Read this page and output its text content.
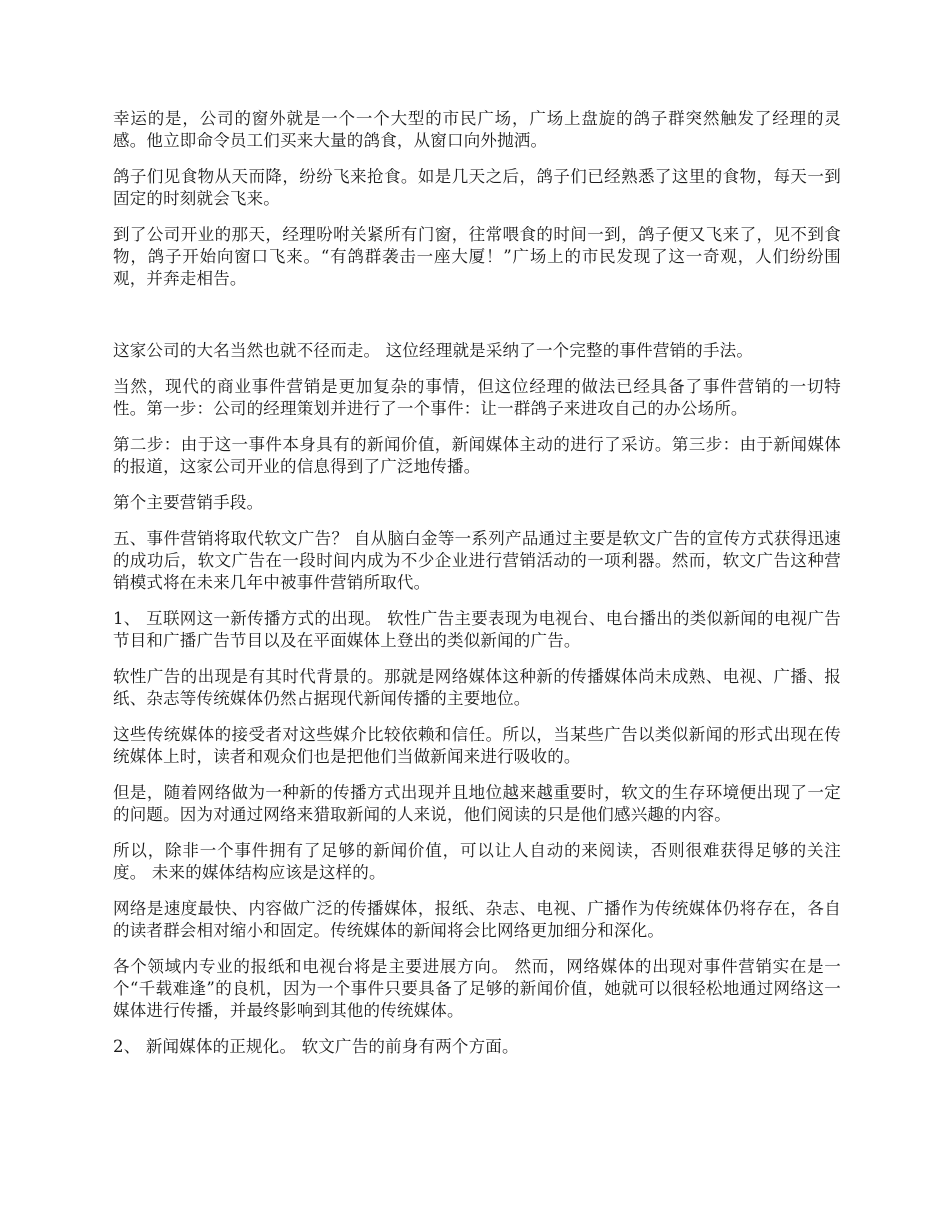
幸运的是，公司的窗外就是一个一个大型的市民广场，广场上盘旋的鸽子群突然触发了经理的灵感。他立即命令员工们买来大量的鸽食，从窗口向外抛洒。

鸽子们见食物从天而降，纷纷飞来抢食。如是几天之后，鸽子们已经熟悉了这里的食物，每天一到固定的时刻就会飞来。

到了公司开业的那天，经理吩咐关紧所有门窗，往常喂食的时间一到，鸽子便又飞来了，见不到食物，鸽子开始向窗口飞来。“有鸽群袭击一座大厦！”广场上的市民发现了这一奇观，人们纷纷围观，并奔走相告。

这家公司的大名当然也就不径而走。 这位经理就是采纳了一个完整的事件营销的手法。

当然，现代的商业事件营销是更加复杂的事情，但这位经理的做法已经具备了事件营销的一切特性。第一步：公司的经理策划并进行了一个事件：让一群鸽子来进攻自己的办公场所。

第二步：由于这一事件本身具有的新闻价值，新闻媒体主动的进行了采访。第三步：由于新闻媒体的报道，这家公司开业的信息得到了广泛地传播。

第个主要营销手段。

五、事件营销将取代软文广告？ 自从脑白金等一系列产品通过主要是软文广告的宣传方式获得迅速的成功后，软文广告在一段时间内成为不少企业进行营销活动的一项利器。然而，软文广告这种营销模式将在未来几年中被事件营销所取代。

1、 互联网这一新传播方式的出现。 软性广告主要表现为电视台、电台播出的类似新闻的电视广告节目和广播广告节目以及在平面媒体上登出的类似新闻的广告。

软性广告的出现是有其时代背景的。那就是网络媒体这种新的传播媒体尚未成熟、电视、广播、报纸、杂志等传统媒体仍然占据现代新闻传播的主要地位。

这些传统媒体的接受者对这些媒介比较依赖和信任。所以，当某些广告以类似新闻的形式出现在传统媒体上时，读者和观众们也是把他们当做新闻来进行吸收的。

但是，随着网络做为一种新的传播方式出现并且地位越来越重要时，软文的生存环境便出现了一定的问题。因为对通过网络来猎取新闻的人来说，他们阅读的只是他们感兴趣的内容。

所以，除非一个事件拥有了足够的新闻价值，可以让人自动的来阅读，否则很难获得足够的关注度。 未来的媒体结构应该是这样的。

网络是速度最快、内容做广泛的传播媒体，报纸、杂志、电视、广播作为传统媒体仍将存在，各自的读者群会相对缩小和固定。传统媒体的新闻将会比网络更加细分和深化。

各个领域内专业的报纸和电视台将是主要进展方向。 然而，网络媒体的出现对事件营销实在是一个“千载难逢”的良机，因为一个事件只要具备了足够的新闻价值，她就可以很轻松地通过网络这一媒体进行传播，并最终影响到其他的传统媒体。

2、 新闻媒体的正规化。 软文广告的前身有两个方面。
